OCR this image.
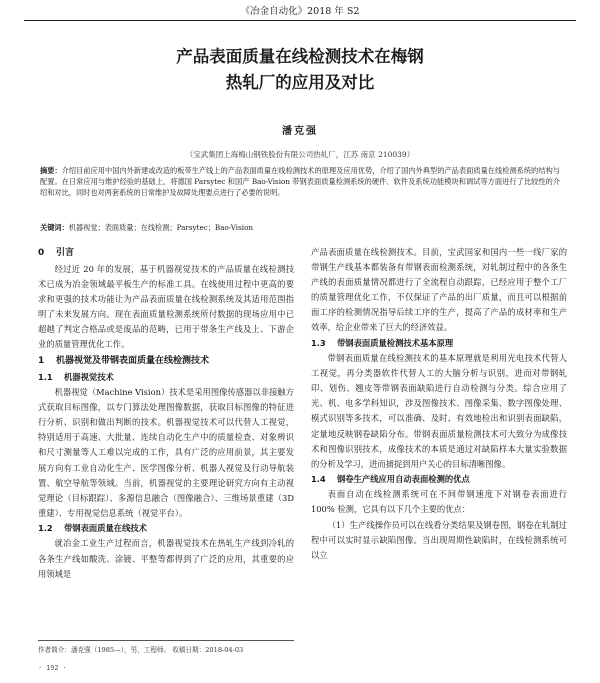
《冶金自动化》2018 年 S2
产品表面质量在线检测技术在梅钢
热轧厂的应用及对比
潘克强
（宝武集团上海梅山钢铁股份有限公司热轧厂，江苏 南京 210039）
摘要：介绍目前应用中国内外新建或改造的板带生产线上的产品表面质量在线检测技术的原理及应用优势，介绍了国内外典型的产品表面质量在线检测系统的结构与配置。在日常应用与维护经验的基础上，将德国 Parsytec 和国产 Bao-Vision 带钢表面质量检测系统的硬件、软件及系统功能模块和调试等方面进行了比较性的介绍和对比，同时也对两套系统的日常维护及故障处理要点进行了必要的说明。
关键词：机器视觉；表面质量；在线检测；Parsytec；Bao-Vision
0 引言

经过近 20 年的发展，基于机器视觉技术的产品质量在线检测技术已成为冶金领域最平板生产的标准工具。在线使用过程中更高的要求和更强的技术功能让为产品表面质量在线检测系统及其适用范围指明了未来发展方向。现在表面质量检测系统所付数据的现场应用中已超越了判定合格品或是废品的范畴，已用于带条生产线及上、下游企业的质量管理优化工作。

1 机器视觉及带钢表面质量在线检测技术
1.1 机器视觉技术

机器视觉（Machine Vision）技术是采用图像传感器以非接触方式获取目标图像，以专门算法处理图像数据，获取目标图像的特征进行分析、识别和做出判断的技术。机器视觉技术可以代替人工视觉，特别适用于高速、大批量、连续自动化生产中的质量检查、对象辨识和尺寸测量等人工难以完成的工作，具有广泛的应用前景，其主要发展方向有工业自动化生产、医学图像分析、机器人视觉及行动导航装置、航空导航等领域。当前，机器视觉的主要理论研究方向有主动视觉理论（目标跟踪）、多源信息融合（图像融合）、三维场景重建（3D 重建）、专用视觉信息系统（视觉平台）。

1.2 带钢表面质量在线技术

就冶金工业生产过程而言，机器视觉技术在热轧生产线到冷轧的各条生产线如酸洗、涂镀、平整等都得到了广泛的应用，其重要的应用领域是

产品表面质量在线检测技术。目前，宝武国家和国内一些一线厂家的带钢生产线基本都装备有带钢表面检测系统，对轧制过程中的各条生产线的表面质量情况都进行了全流程自动跟踪，已经应用于整个工厂的质量管理优化工作，不仅保证了产品的出厂质量，而且可以根据前面工序的检测情况指导后续工序的生产，提高了产品的成材率和生产效率，给企业带来了巨大的经济效益。

1.3 带钢表面质量检测技术基本原理

带钢表面质量在线检测技术的基本原理就是利用光电技术代替人工视觉，再分类器软件代替人工的大脑分析与识别，进而对带钢轧印、划伤、翘皮等带钢表面缺陷进行自动检测与分类。综合应用了光、机、电多学科知识，涉及图像技术、图像采集、数字图像处理、模式识别等多技术，可以准确、及时、有效地检出和识别表面缺陷，定量地反映钢卷缺陷分布。带钢表面质量检测技术可大致分为成像技术和图像识别技术，成像技术的本质是通过对缺陷样本大量实验数据的分析及学习，进而捕捉到用户关心的目标清晰图像。

1.4 钢卷生产线应用自动表面检测的优点

表面自动在线检测系统可在不间带钢速度下对钢卷表面进行 100% 检测，它具有以下几个主要的优点：

（1）生产线操作员可以在线看分类结果及钢卷图，钢卷在轧制过程中可以实时显示缺陷图像。当出现周期性缺陷时，在线检测系统可以立

作者简介：潘克强（1985—），男，工程师。 收稿日期：2018-04-03
· 192 ·
